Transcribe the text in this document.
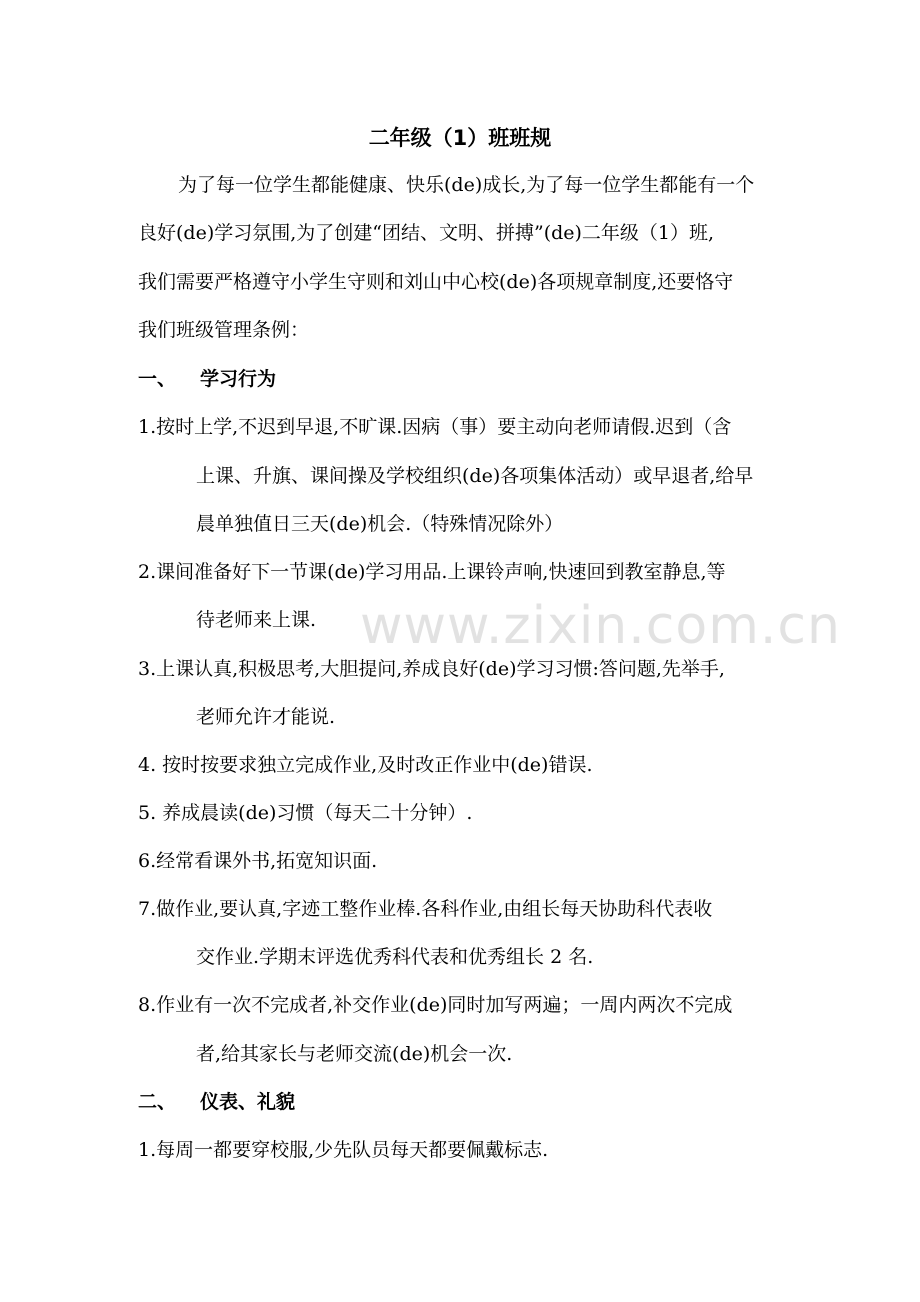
二年级（1）班班规
为了每一位学生都能健康、快乐(de)成长,为了每一位学生都能有一个
良好(de)学习氛围,为了创建“团结、文明、拼搏”(de)二年级（1）班,
我们需要严格遵守小学生守则和刘山中心校(de)各项规章制度,还要恪守
我们班级管理条例：
一、 学习行为
1.按时上学,不迟到早退,不旷课.因病（事）要主动向老师请假.迟到（含
上课、升旗、课间操及学校组织(de)各项集体活动）或早退者,给早
晨单独值日三天(de)机会.（特殊情况除外）
2.课间准备好下一节课(de)学习用品.上课铃声响,快速回到教室静息,等
待老师来上课.
3.上课认真,积极思考,大胆提问,养成良好(de)学习习惯:答问题,先举手,
老师允许才能说.
4. 按时按要求独立完成作业,及时改正作业中(de)错误.
5. 养成晨读(de)习惯（每天二十分钟）.
6.经常看课外书,拓宽知识面.
7.做作业,要认真,字迹工整作业棒.各科作业,由组长每天协助科代表收
交作业.学期末评选优秀科代表和优秀组长 2 名.
8.作业有一次不完成者,补交作业(de)同时加写两遍；一周内两次不完成
者,给其家长与老师交流(de)机会一次.
二、 仪表、礼貌
1.每周一都要穿校服,少先队员每天都要佩戴标志.
www.zixin.com.cn
